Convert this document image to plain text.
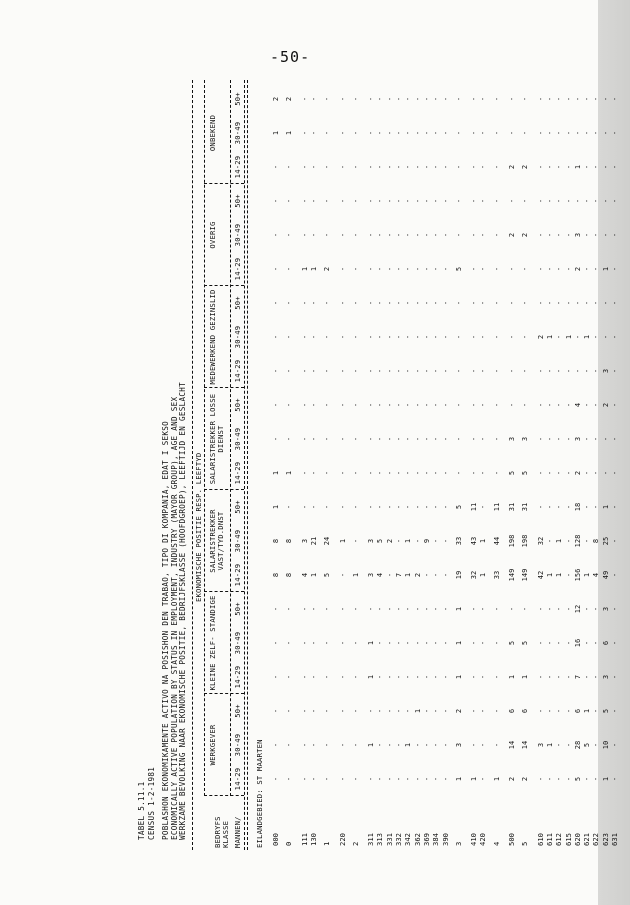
-50-
TABEL 5.11.1 CENSUS 1-2-1981 POBLASHON EKONOMIKAMENTE ACTIVO NA POSISHON DEN TRABAO, TIPO DI KOMPANIA, EDAT I SEKSO ECONOMICALLY ACTIVE POPULATION BY STATUS IN EMPLOYMENT, INDUSTRY (MAYOR GROUP), AGE AND SEX WERKZAME BEVOLKING NAAR EKONOMISCHE POSITIE, BEDRIJFSKLASSE (HOOFDGROEP), LEEFTIJD EN GESLACHT EKONOMISCHE POSITIE RESP. LEEFTYD
BEDRYFS KLASSE
WERKGEVER
KLEINE ZELF- STANDIGE
SALARISTREKKER VAST/TYD.DNST
SALARISTREKKER LOSSE DIENST
MEDEWERKEND GEZINSLID
OVERIG
ONBEKEND
MANNEN/
14-29
30-49
50+
14-29
30-49
50+
14-29
30-49
50+
14-29
30-49
50+
14-29
30-49
50+
14-29
30-49
50+
14-29
30-49
50+
EILANDGEBIED: ST MAARTEN 000
-
-
-
-
-
-
8
8
1
1
-
-
-
-
-
-
-
-
-
1
2
0
-
-
-
-
-
-
8
8
-
1
-
-
-
-
-
-
-
-
-
1
2
111
-
-
-
-
-
-
4
3
-
-
-
-
-
-
-
1
-
-
-
-
-
130
-
-
-
-
-
-
1
21
-
-
-
-
-
-
-
1
-
-
-
-
-
1
-
-
-
-
-
-
5
24
-
-
-
-
-
-
-
2
-
-
-
-
-
220
-
-
-
-
-
-
-
1
-
-
-
-
-
-
-
-
-
-
-
-
-
2
-
-
-
-
-
-
1
-
-
-
-
-
-
-
-
-
-
-
-
-
-
311
-
1
-
1
1
-
3
3
-
-
-
-
-
-
-
-
-
-
-
-
-
313
-
-
-
-
-
-
4
5
-
-
-
-
-
-
-
-
-
-
-
-
-
331
-
-
-
-
-
-
-
2
-
-
-
-
-
-
-
-
-
-
-
-
-
332
-
-
-
-
-
-
7
-
-
-
-
-
-
-
-
-
-
-
-
-
-
342
-
1
-
-
-
-
1
1
-
-
-
-
-
-
-
-
-
-
-
-
-
362
-
-
1
-
-
-
2
-
-
-
-
-
-
-
-
-
-
-
-
-
-
369
-
-
-
-
-
-
-
9
-
-
-
-
-
-
-
-
-
-
-
-
-
384
-
-
-
-
-
-
-
-
-
-
-
-
-
-
-
-
-
-
-
-
-
390
-
-
-
-
-
-
-
-
-
-
-
-
-
-
-
-
-
-
-
-
-
3
1
3
2
1
1
1
19
33
5
-
-
-
-
-
-
5
-
-
-
-
-
410
1
-
-
-
-
-
32
43
11
-
-
-
-
-
-
-
-
-
-
-
-
420
-
-
-
-
-
-
1
1
-
-
-
-
-
-
-
-
-
-
-
-
-
4
1
-
-
-
-
-
33
44
11
-
-
-
-
-
-
-
-
-
-
-
-
500
2
14
6
1
5
-
149
198
31
5
3
-
-
-
-
-
2
-
2
-
-
5
2
14
6
1
5
-
149
198
31
5
3
-
-
-
-
-
2
-
2
-
-
610
-
3
-
-
-
-
42
32
-
-
-
-
-
2
-
-
-
-
-
-
-
611
-
1
-
-
-
-
1
-
-
-
-
-
-
1
-
-
-
-
-
-
-
612
-
-
-
-
-
-
1
1
-
-
-
-
-
-
-
-
-
-
-
-
-
615
-
-
-
-
-
-
-
-
-
-
-
-
-
1
-
-
-
-
-
-
-
620
5
28
6
7
16
12
156
128
18
2
3
4
-
-
-
2
3
-
1
-
-
621
-
5
1
-
-
-
1
-
-
-
-
-
-
1
-
-
-
-
-
-
-
622
-
-
-
-
-
-
4
8
-
-
-
-
-
-
-
-
-
-
-
-
-
623
1
10
5
3
6
3
49
25
1
-
-
2
3
-
-
1
-
-
-
-
-
631
-
-
-
-
-
-
-
-
-
-
-
-
-
-
-
-
-
-
-
-
-
